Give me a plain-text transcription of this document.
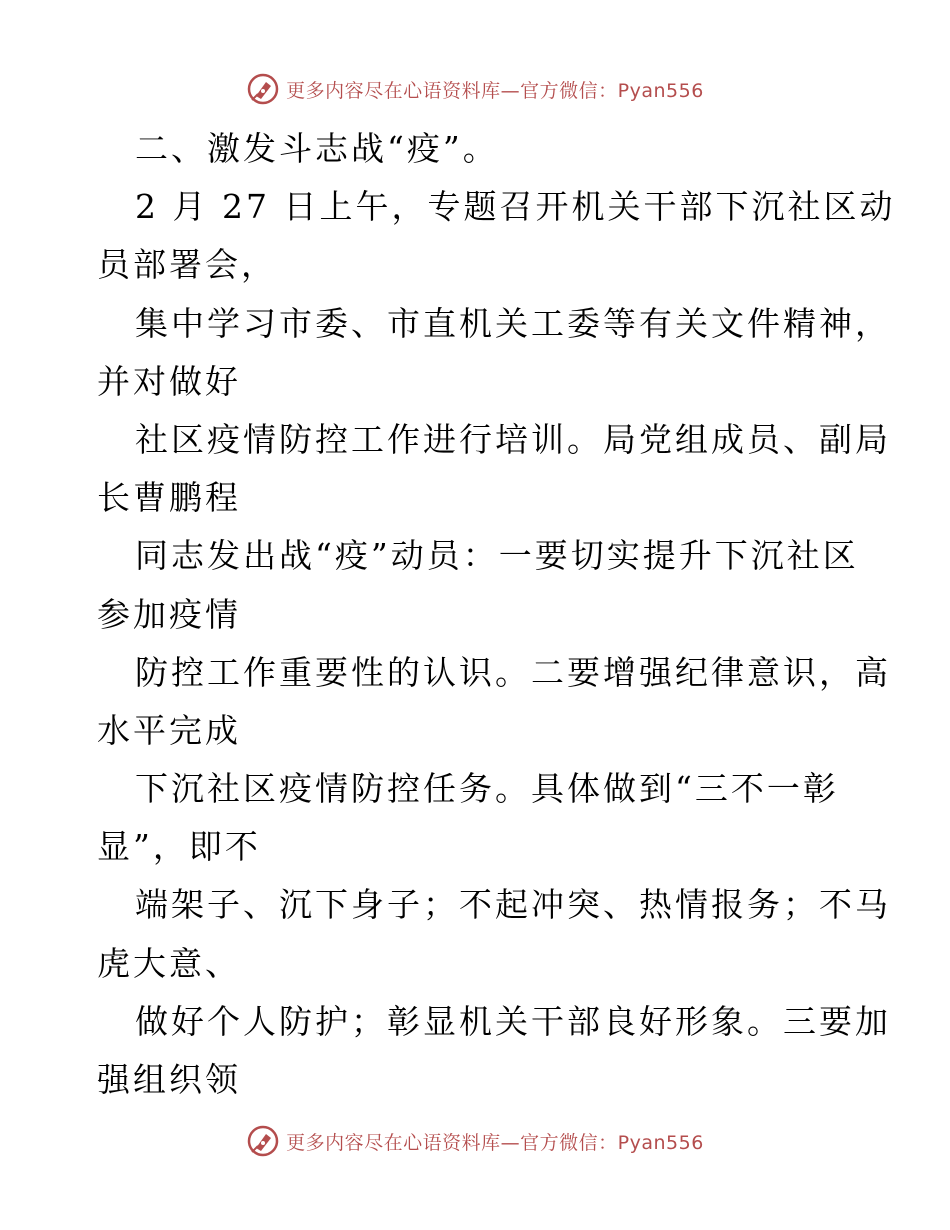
更多内容尽在心语资料库—官方微信：Pyan556
二、激发斗志战“疫”。
2 月 27 日上午，专题召开机关干部下沉社区动
员部署会，
集中学习市委、市直机关工委等有关文件精神，
并对做好
社区疫情防控工作进行培训。局党组成员、副局
长曹鹏程
同志发出战“疫”动员：一要切实提升下沉社区
参加疫情
防控工作重要性的认识。二要增强纪律意识，高
水平完成
下沉社区疫情防控任务。具体做到“三不一彰
显”，即不
端架子、沉下身子；不起冲突、热情报务；不马
虎大意、
做好个人防护；彰显机关干部良好形象。三要加
强组织领
更多内容尽在心语资料库—官方微信：Pyan556
